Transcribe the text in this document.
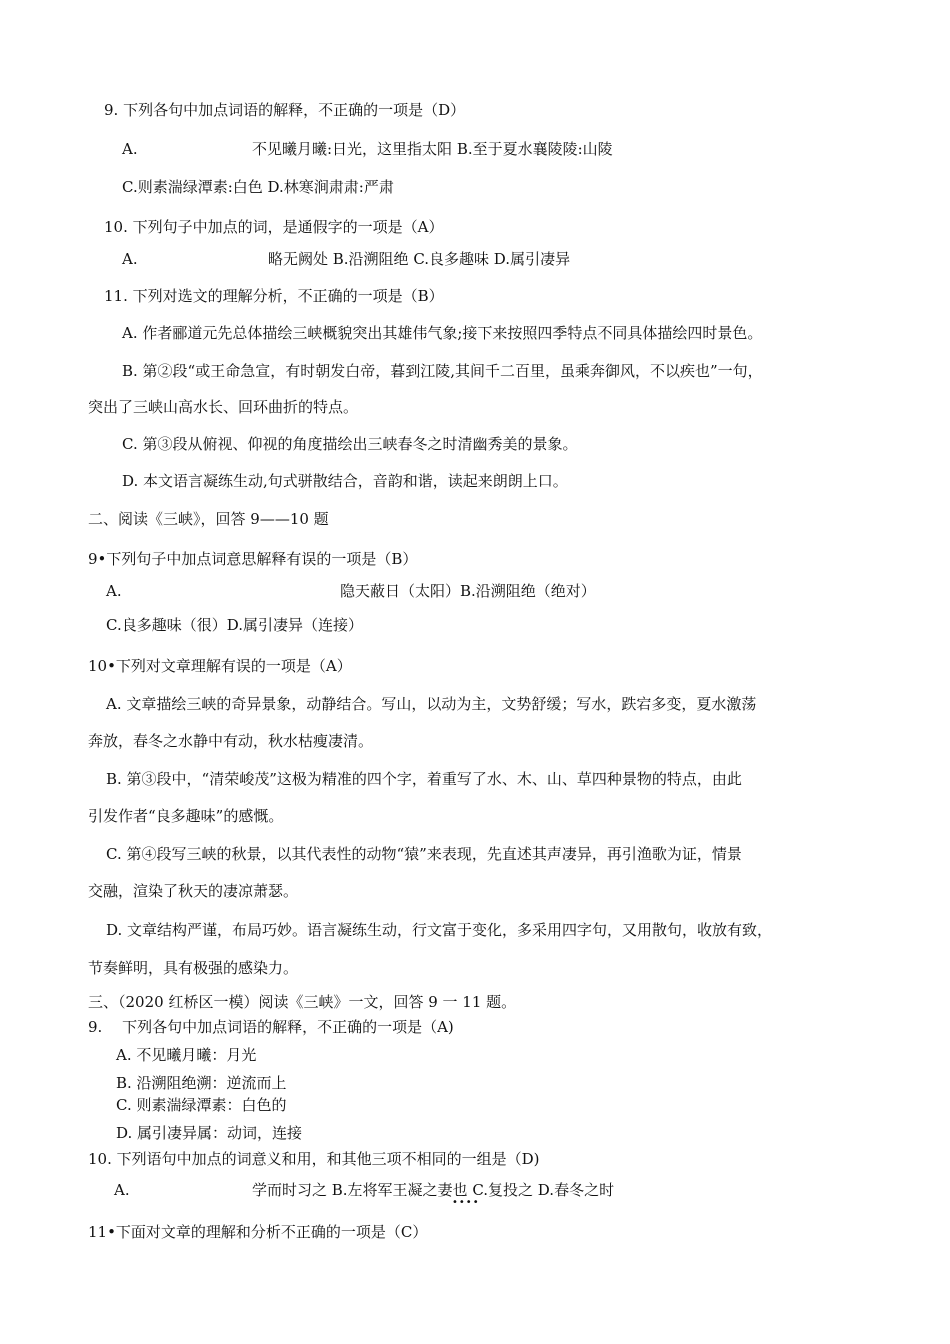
9. 下列各句中加点词语的解释，不正确的一项是（D）
A.	不见曦月曦:日光，这里指太阳 B.至于夏水襄陵陵:山陵
C.则素湍绿潭素:白色 D.林寒涧肃肃:严肃
10. 下列句子中加点的词，是通假字的一项是（A）
A.	略无阙处 B.沿溯阻绝 C.良多趣味 D.属引凄异
11. 下列对选文的理解分析，不正确的一项是（B）
A. 作者郦道元先总体描绘三峡概貌突出其雄伟气象;接下来按照四季特点不同具体描绘四时景色。
B. 第②段“或王命急宣，有时朝发白帝，暮到江陵,其间千二百里，虽乘奔御风，不以疾也”一句，
突出了三峡山高水长、回环曲折的特点。
C. 第③段从俯视、仰视的角度描绘出三峡春冬之时清幽秀美的景象。
D. 本文语言凝练生动,句式骈散结合，音韵和谐，读起来朗朗上口。
二、阅读《三峡》，回答 9——10 题
9•下列句子中加点词意思解释有误的一项是（B）
A.	隐天蔽日（太阳）B.沿溯阻绝（绝对）
C.良多趣味（很）D.属引凄异（连接）
10•下列对文章理解有误的一项是（A）
A. 文章描绘三峡的奇异景象，动静结合。写山，以动为主，文势舒缓；写水，跌宕多变，夏水激荡
奔放，春冬之水静中有动，秋水枯瘦凄清。
B. 第③段中，“清荣峻茂”这极为精准的四个字，着重写了水、木、山、草四种景物的特点，由此
引发作者“良多趣味”的感慨。
C. 第④段写三峡的秋景，以其代表性的动物“猿”来表现，先直述其声凄异，再引渔歌为证，情景
交融，渲染了秋天的凄凉萧瑟。
D. 文章结构严谨，布局巧妙。语言凝练生动，行文富于变化，多采用四字句，又用散句，收放有致，
节奏鲜明，具有极强的感染力。
三、（2020 红桥区一模）阅读《三峡》一文，回答 9 一 11 题。
9.　 下列各句中加点词语的解释，不正确的一项是（A)
A. 不见曦月曦：月光
B. 沿溯阻绝溯：逆流而上
C. 则素湍绿潭素：白色的
D. 属引凄异属：动词，连接
10. 下列语句中加点的词意义和用，和其他三项不相同的一组是（D)
A.	学而时习之 B.左将军王凝之妻也 C.复投之 D.春冬之时
••••
11•下面对文章的理解和分析不正确的一项是（C）
